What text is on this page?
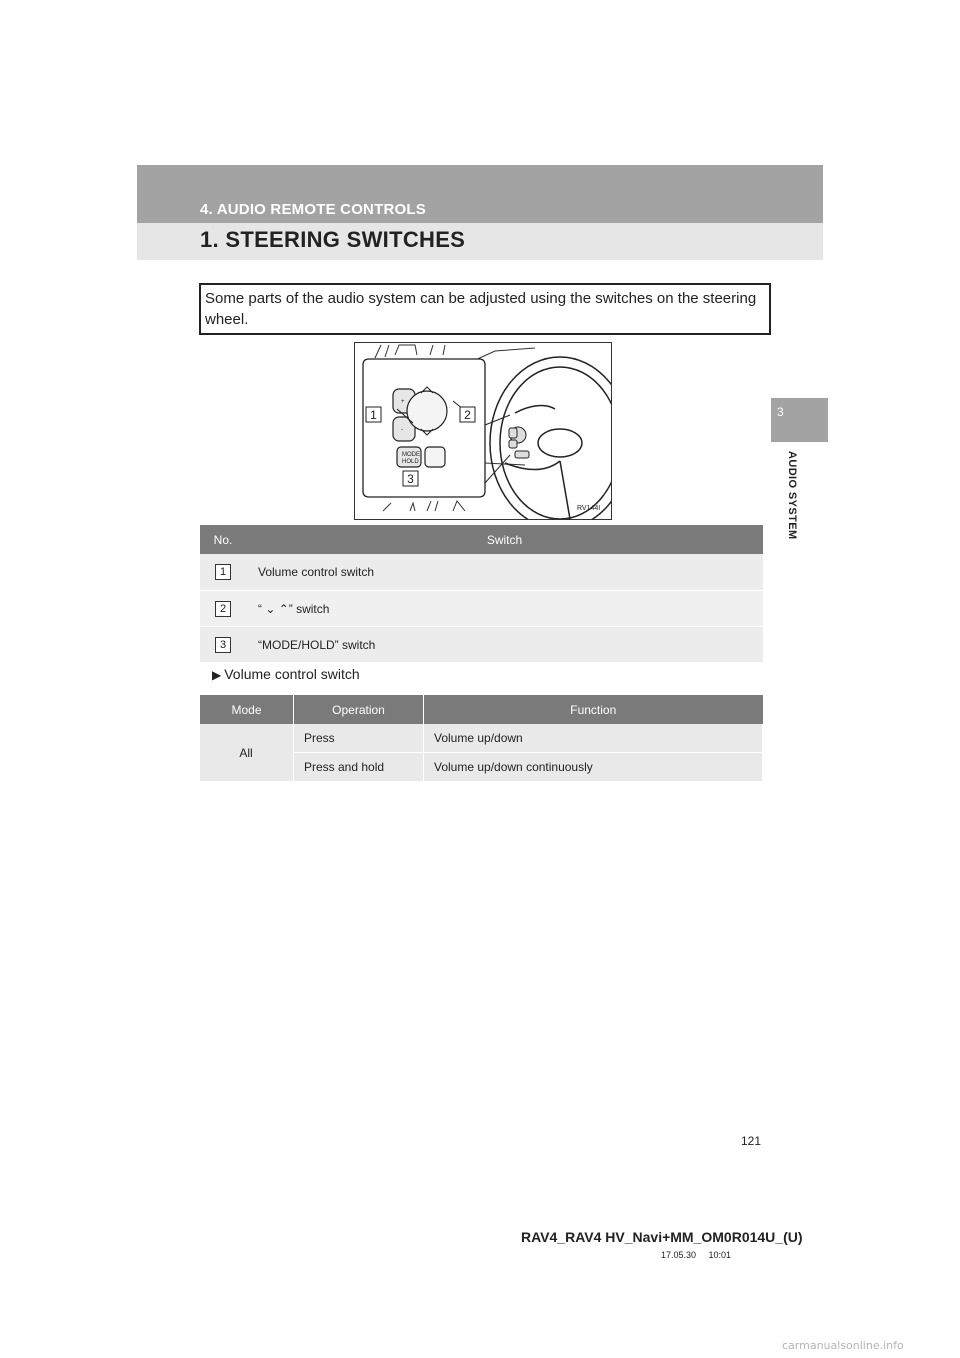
4. AUDIO REMOTE CONTROLS
1. STEERING SWITCHES
3
AUDIO SYSTEM
Some parts of the audio system can be adjusted using the switches on the steering wheel.
MODE
HOLD
+
-
1	2
3
RV144I
No.	Switch
1	Volume control switch
2	“ ⌄ ⌃” switch
3	“MODE/HOLD” switch
▶ Volume control switch
Mode	Operation	Function
All	Press	Volume up/down
	Press and hold	Volume up/down continuously
121
RAV4_RAV4 HV_Navi+MM_OM0R014U_(U)
17.05.30     10:01
carmanualsonline.info
